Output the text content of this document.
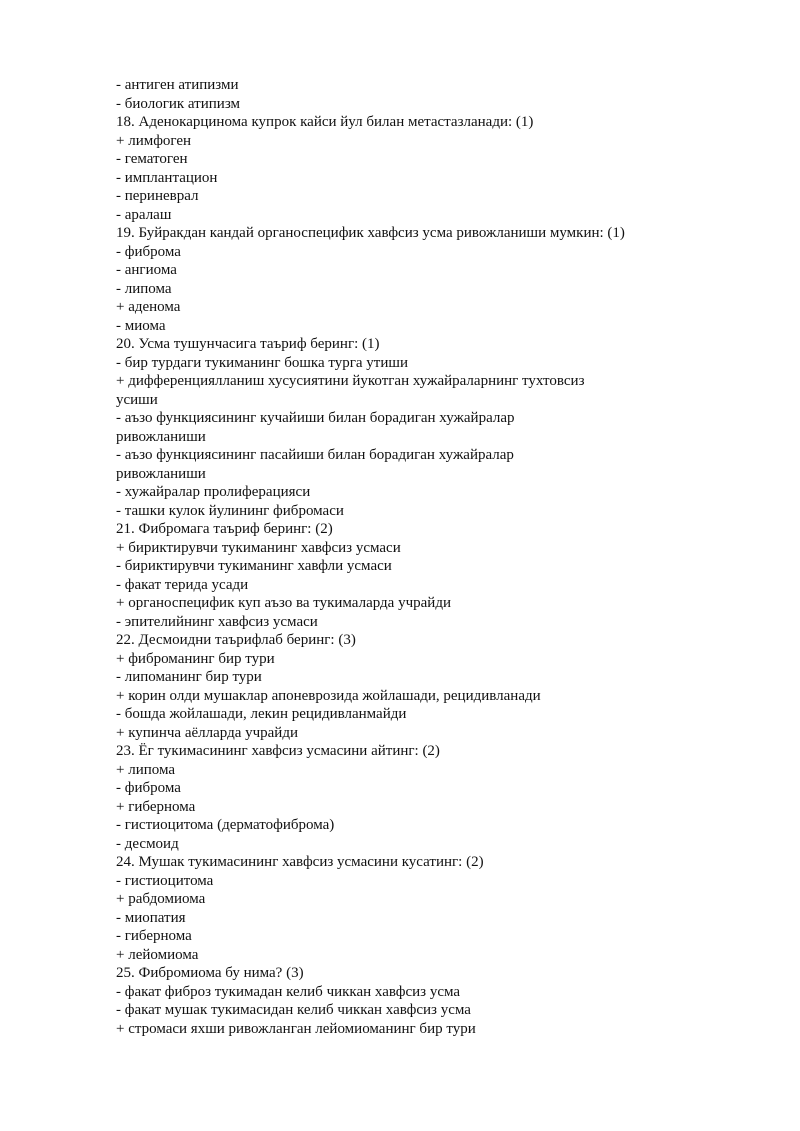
- антиген атипизми

- биологик атипизм

18. Аденокарцинома купрок кайси йул билан метастазланади: (1)

+ лимфоген

- гематоген

- имплантацион

- периневрал

- аралаш

19. Буйракдан кандай органоспецифик хавфсиз усма ривожланиши мумкин: (1)

- фиброма

- ангиома

- липома

+ аденома

- миома

20. Усма тушунчасига таъриф беринг: (1)

- бир турдаги тукиманинг бошка турга утиши

+ дифференциялланиш хусусиятини йукотган хужайраларнинг тухтовсиз

усиши

- аъзо функциясининг кучайиши билан борадиган хужайралар

ривожланиши

- аъзо функциясининг пасайиши билан борадиган хужайралар

ривожланиши

- хужайралар пролиферацияси

- ташки кулок йулининг фибромаси

21. Фибромага таъриф беринг: (2)

+ бириктирувчи тукиманинг хавфсиз усмаси

- бириктирувчи тукиманинг хавфли усмаси

- факат терида усади

+ органоспецифик куп аъзо ва тукималарда учрайди

- эпителийнинг хавфсиз усмаси

22. Десмоидни таърифлаб беринг: (3)

+ фиброманинг бир тури

- липоманинг бир тури

+ корин олди мушаклар апоневрозида жойлашади, рецидивланади

- бошда жойлашади, лекин рецидивланмайди

+ купинча аёлларда учрайди

23. Ёг тукимасининг хавфсиз усмасини айтинг: (2)

+ липома

- фиброма

+ гибернома

- гистиоцитома (дерматофиброма)

- десмоид

24. Мушак тукимасининг хавфсиз усмасини кусатинг: (2)

- гистиоцитома

+ рабдомиома

- миопатия

- гибернома

+ лейомиома

25. Фибромиома бу нима? (3)

- факат фиброз тукимадан келиб чиккан хавфсиз усма

- факат мушак тукимасидан келиб чиккан хавфсиз усма

+ стромаси яхши ривожланган лейомиоманинг бир тури
